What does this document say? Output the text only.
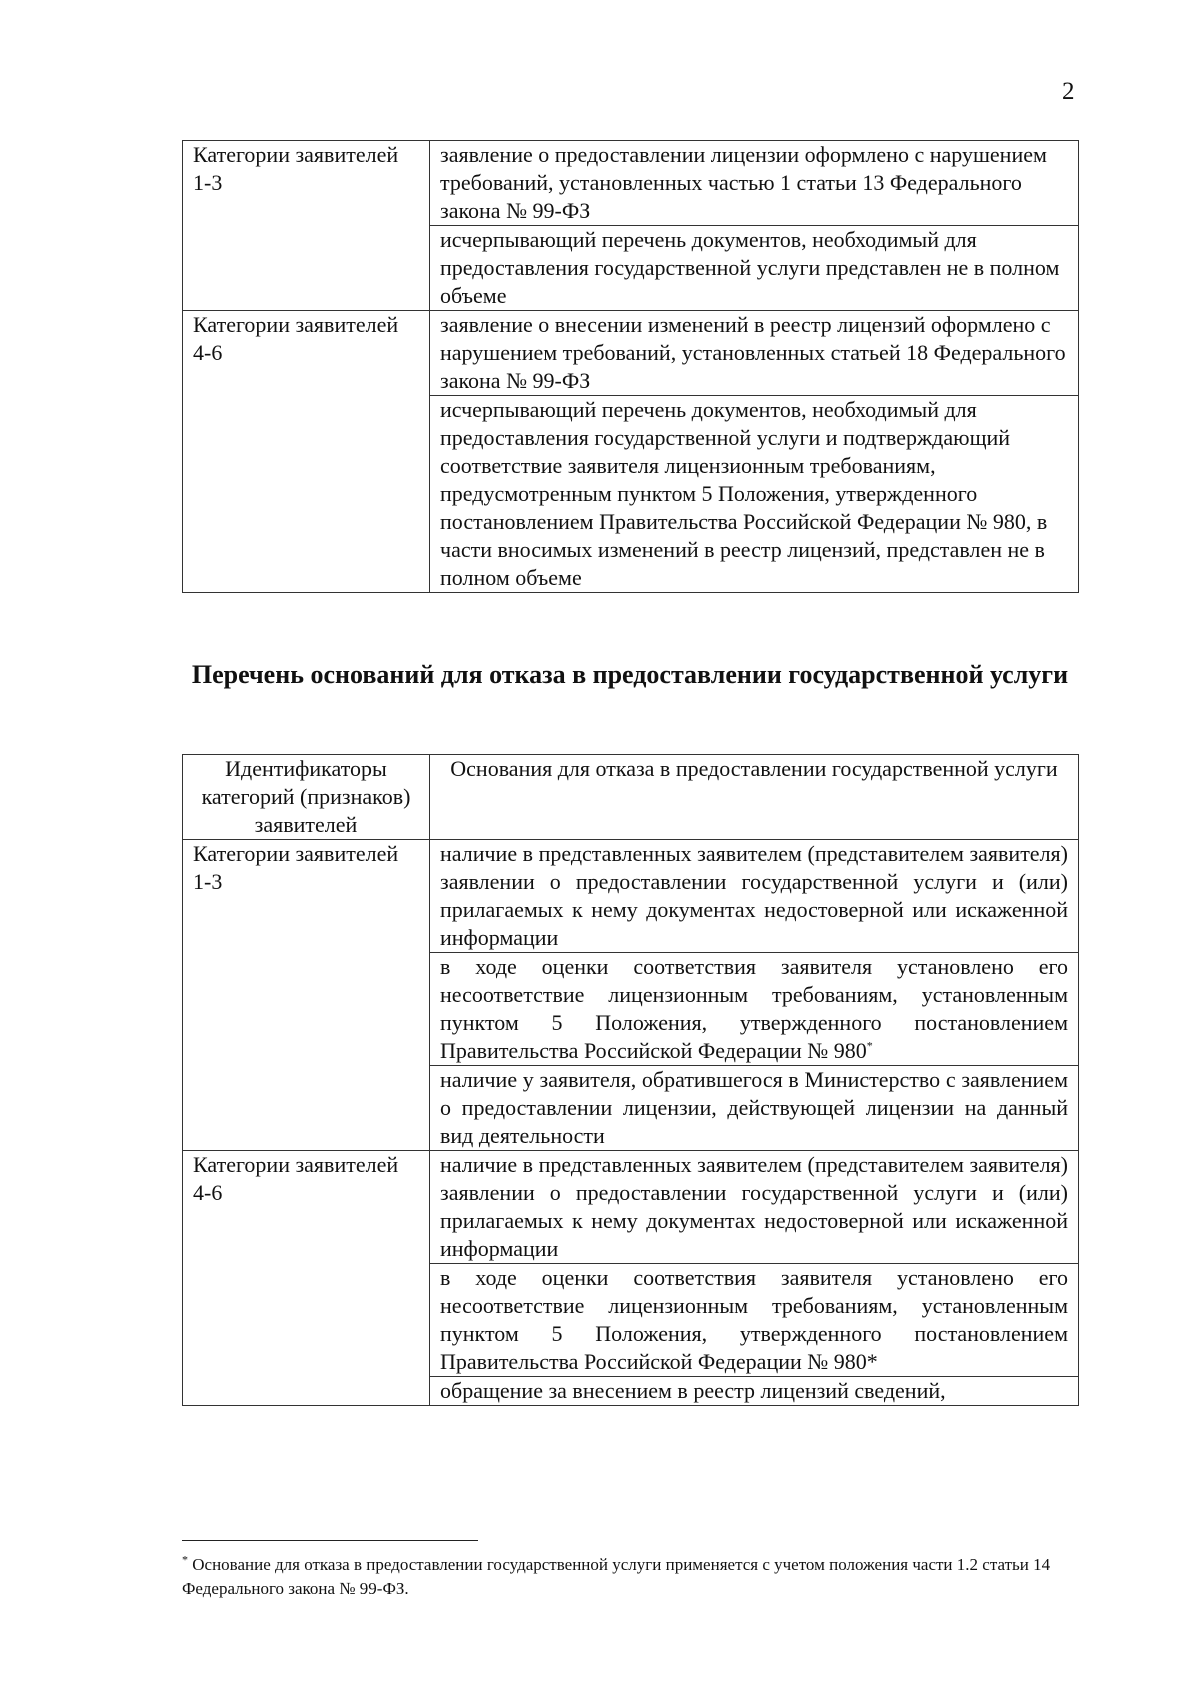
2
Категории заявителей 1-3	заявление о предоставлении лицензии оформлено с нарушением требований, установленных частью 1 статьи 13 Федерального закона № 99-ФЗ
	исчерпывающий перечень документов, необходимый для предоставления государственной услуги представлен не в полном объеме
Категории заявителей 4-6	заявление о внесении изменений в реестр лицензий оформлено с нарушением требований, установленных статьей 18 Федерального закона № 99-ФЗ
	исчерпывающий перечень документов, необходимый для предоставления государственной услуги и подтверждающий соответствие заявителя лицензионным требованиям, предусмотренным пунктом 5 Положения, утвержденного постановлением Правительства Российской Федерации № 980, в части вносимых изменений в реестр лицензий, представлен не в полном объеме
Перечень оснований для отказа в предоставлении государственной услуги
Идентификаторы категорий (признаков) заявителей	Основания для отказа в предоставлении государственной услуги
Категории заявителей 1-3	наличие в представленных заявителем (представителем заявителя) заявлении о предоставлении государственной услуги и (или) прилагаемых к нему документах недостоверной или искаженной информации
	в ходе оценки соответствия заявителя установлено его несоответствие лицензионным требованиям, установленным пунктом 5 Положения, утвержденного постановлением Правительства Российской Федерации № 980*
	наличие у заявителя, обратившегося в Министерство с заявлением о предоставлении лицензии, действующей лицензии на данный вид деятельности
Категории заявителей 4-6	наличие в представленных заявителем (представителем заявителя) заявлении о предоставлении государственной услуги и (или) прилагаемых к нему документах недостоверной или искаженной информации
	в ходе оценки соответствия заявителя установлено его несоответствие лицензионным требованиям, установленным пунктом 5 Положения, утвержденного постановлением Правительства Российской Федерации № 980*
	обращение за внесением в реестр лицензий сведений,
* Основание для отказа в предоставлении государственной услуги применяется с учетом положения части 1.2 статьи 14 Федерального закона № 99-ФЗ.
